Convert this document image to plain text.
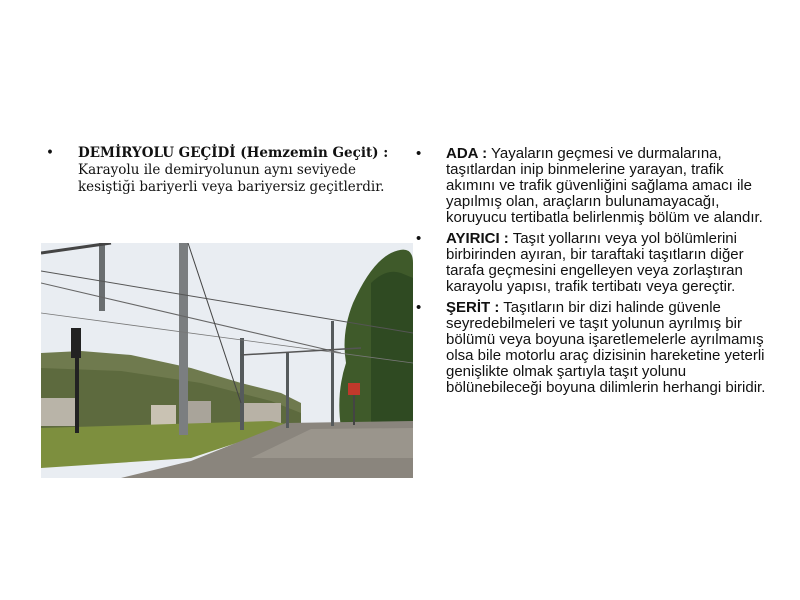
•	DEMİRYOLU GEÇİDİ (Hemzemin Geçit) : Karayolu ile demiryolunun aynı seviyede kesiştiği bariyerli veya bariyersiz geçitlerdir.
•	ADA : Yayaların geçmesi ve durmalarına, taşıtlardan inip binmelerine yarayan, trafik akımını ve trafik güvenliğini sağlama amacı ile yapılmış olan, araçların bulunamayacağı, koruyucu tertibatla belirlenmiş bölüm ve alandır.
•	AYIRICI : Taşıt yollarını veya yol bölümlerini birbirinden ayıran, bir taraftaki taşıtların diğer tarafa geçmesini engelleyen veya zorlaştıran karayolu yapısı, trafik tertibatı veya gereçtir.
•	ŞERİT : Taşıtların bir dizi halinde güvenle seyredebilmeleri ve taşıt yolunun ayrılmış bir bölümü veya boyuna işaretlemelerle ayrılmamış olsa bile motorlu araç dizisinin hareketine yeterli genişlikte olmak şartıyla taşıt yolunu bölünebileceği boyuna dilimlerin herhangi biridir.
